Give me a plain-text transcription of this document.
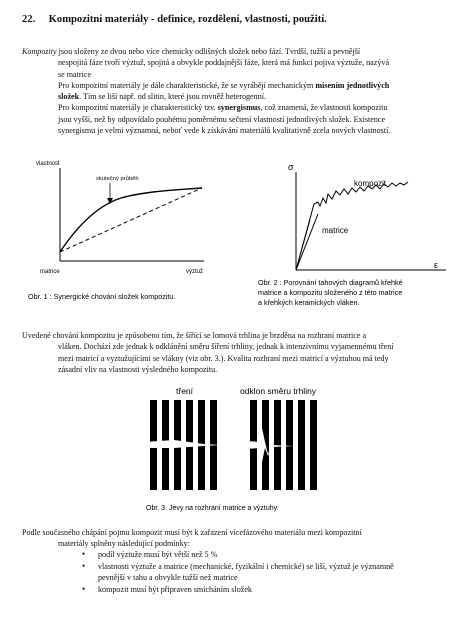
22. Kompozitní materiály - definice, rozdělení, vlastnosti, použití.
Kompozity jsou složeny ze dvou nebo více chemicky odlišných složek nebo fází. Tvrdší, tužší a pevnější
nespojitá fáze tvoří výztuž, spojitá a obvykle poddajnější fáze, která má funkci pojiva výztuže, nazývá
se matrice
Pro kompozitní materiály je dále charakteristické, že se vyrábějí mechanickým mísením jednotlivých
složek. Tím se liší např. od slitin, které jsou rovněž heterogenní.
Pro kompozitní materiály je charakteristický tzv. synergismus, což znamená, že vlastnosti kompozitu
jsou vyšší, než by odpovídalo pouhému poměrnému sečtení vlastností jednotlivých složek. Existence
synergismu je velmi významná, neboť vede k získávání materiálů kvalitativně zcela nových vlastností.
vlastnost
skutečný průběh
matrice	výztuž
Obr. 1 : Synergické chování složek kompozitu.
σ
ε
kompozit
matrice
Obr. 2 : Porovnání tahových diagramů křehké
matrice a kompozitu složeného z této matrice
a křehkých keramických vláken.
Uvedené chování kompozitu je způsobeno tím, že šířící se lomová trhlina je brzděna na rozhraní matrice a
vláken. Dochází zde jednak k odklánění směru šíření trhliny, jednak k intenzivnímu vyjamennému tření
mezi matricí a vyztužujícími se vlákny (viz obr. 3.). Kvalita rozhraní mezi matricí a výztuhou má tedy
zásadní vliv na vlastnosti výsledného kompozitu.
tření	odklon směru trhliny
Obr. 3. Jevy na rozhraní matrice a výztuhy.
Podle současného chápání pojmu kompozit musí být k zařazení vícefázového materiálu mezi kompozitní
materiály splněny následující podmínky:
• podíl výztuže musí být větší než 5 %
• vlastnosti výztuže a matrice (mechanické, fyzikální i chemické) se liší, výztuž je významně
pevnější v tahu a obvykle tužší než matrice
• kompozit musí být připraven smícháním složek
